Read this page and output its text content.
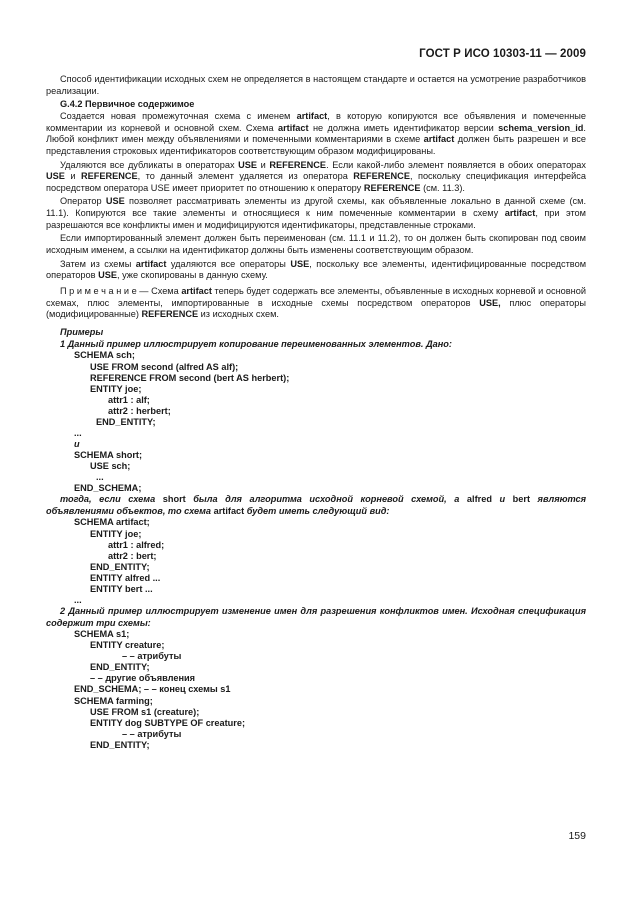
ГОСТ Р ИСО 10303-11 — 2009

Способ идентификации исходных схем не определяется в настоящем стандарте и остается на усмотрение разработчиков реализации.

G.4.2 Первичное содержимое

Создается новая промежуточная схема с именем artifact, в которую копируются все объявления и помеченные комментарии из корневой и основной схем. Схема artifact не должна иметь идентификатор версии schema_version_id. Любой конфликт имен между объявлениями и помеченными комментариями в схеме artifact должен быть разрешен и все представления строковых идентификаторов соответствующим образом модифицированы.

Удаляются все дубликаты в операторах USE и REFERENCE. Если какой-либо элемент появляется в обоих операторах USE и REFERENCE, то данный элемент удаляется из оператора REFERENCE, поскольку спецификация интерфейса посредством оператора USE имеет приоритет по отношению к оператору REFERENCE (см. 11.3).

Оператор USE позволяет рассматривать элементы из другой схемы, как объявленные локально в данной схеме (см. 11.1). Копируются все такие элементы и относящиеся к ним помеченные комментарии в схему artifact, при этом разрешаются все конфликты имен и модифицируются идентификаторы, представленные строками.

Если импортированный элемент должен быть переименован (см. 11.1 и 11.2), то он должен быть скопирован под своим исходным именем, а ссылки на идентификатор должны быть изменены соответствующим образом.

Затем из схемы artifact удаляются все операторы USE, поскольку все элементы, идентифицированные посредством операторов USE, уже скопированы в данную схему.

П р и м е ч а н и е — Схема artifact теперь будет содержать все элементы, объявленные в исходных корневой и основной схемах, плюс элементы, импортированные в исходные схемы посредством операторов USE, плюс операторы (модифицированные) REFERENCE из исходных схем.

Примеры

1 Данный пример иллюстрирует копирование переименованных элементов. Дано:

SCHEMA sch;
USE FROM second (alfred AS alf);
REFERENCE FROM second (bert AS herbert);
ENTITY joe;
attr1 : alf;
attr2 : herbert;
END_ENTITY;
...
и
SCHEMA short;
USE sch;
...
END_SCHEMA;

тогда, если схема short была для алгоритма исходной корневой схемой, а alfred и bert являются объявлениями объектов, то схема artifact будет иметь следующий вид:

SCHEMA artifact;
ENTITY joe;
attr1 : alfred;
attr2 : bert;
END_ENTITY;
ENTITY alfred ...
ENTITY bert ...
...

2 Данный пример иллюстрирует изменение имен для разрешения конфликтов имен. Исходная спецификация содержит три схемы:

SCHEMA s1;
ENTITY creature;
– – атрибуты
END_ENTITY;
– – другие объявления
END_SCHEMA; – – конец схемы s1
SCHEMA farming;
USE FROM s1 (creature);
ENTITY dog SUBTYPE OF creature;
– – атрибуты
END_ENTITY;
159
